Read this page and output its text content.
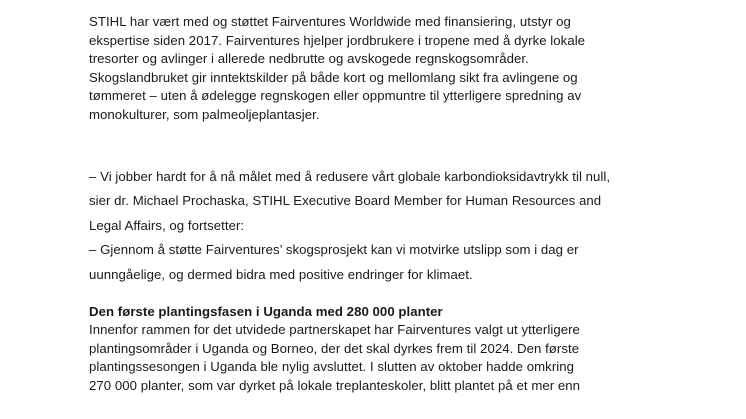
STIHL har vært med og støttet Fairventures Worldwide med finansiering, utstyr og
ekspertise siden 2017. Fairventures hjelper jordbrukere i tropene med å dyrke lokale
tresorter og avlinger i allerede nedbrutte og avskogede regnskogsområder.
Skogslandbruket gir inntektskilder på både kort og mellomlang sikt fra avlingene og
tømmeret – uten å ødelegge regnskogen eller oppmuntre til ytterligere spredning av
monokulturer, som palmeoljeplantasjer.
– Vi jobber hardt for å nå målet med å redusere vårt globale karbondioksidavtrykk til null,
sier dr. Michael Prochaska, STIHL Executive Board Member for Human Resources and
Legal Affairs, og fortsetter:
– Gjennom å støtte Fairventures’ skogsprosjekt kan vi motvirke utslipp som i dag er
uunngåelige, og dermed bidra med positive endringer for klimaet.
Den første plantingsfasen i Uganda med 280 000 planter
Innenfor rammen for det utvidede partnerskapet har Fairventures valgt ut ytterligere
plantingsområder i Uganda og Borneo, der det skal dyrkes frem til 2024. Den første
plantingssesongen i Uganda ble nylig avsluttet. I slutten av oktober hadde omkring
270 000 planter, som var dyrket på lokale treplanteskoler, blitt plantet på et mer enn
